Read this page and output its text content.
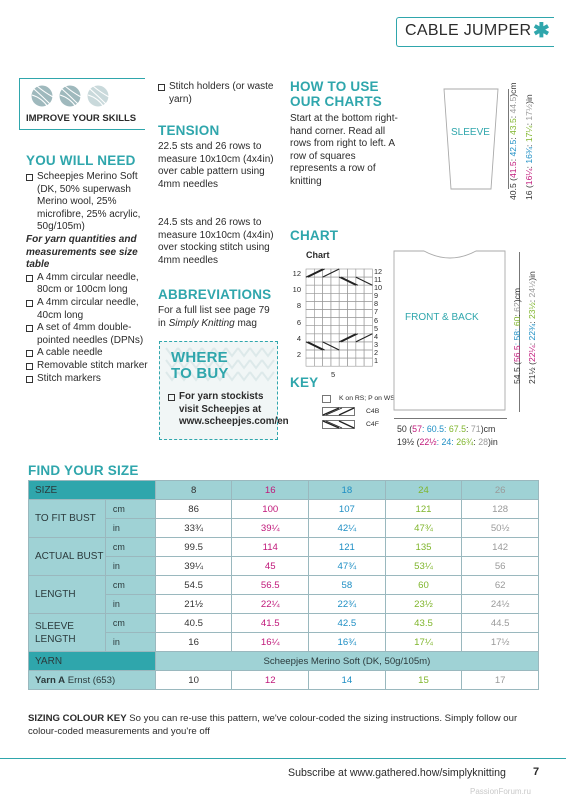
CABLE JUMPER ✱
IMPROVE YOUR SKILLS
YOU WILL NEED
Scheepjes Merino Soft (DK, 50% superwash Merino wool, 25% microfibre, 25% acrylic, 50g/105m)
For yarn quantities and measurements see size table
A 4mm circular needle, 80cm or 100cm long
A 4mm circular needle, 40cm long
A set of 4mm double-pointed needles (DPNs)
A cable needle
Removable stitch marker
Stitch markers
Stitch holders (or waste yarn)
TENSION
22.5 sts and 26 rows to measure 10x10cm (4x4in) over cable pattern using 4mm needles
24.5 sts and 26 rows to measure 10x10cm (4x4in) over stocking stitch using 4mm needles
ABBREVIATIONS
For a full list see page 79 in Simply Knitting mag
WHERE TO BUY
For yarn stockists visit Scheepjes at www.scheepjes.com/en
HOW TO USE OUR CHARTS
Start at the bottom right-hand corner. Read all rows from right to left. A row of squares represents a row of knitting
CHART
Chart
12
10
8
6
4
2
12
11
10
9
8
7
6
5
4
3
2
1
5
KEY
K on RS; P on WS
C4B
C4F
SLEEVE
40.5 (41.5: 42.5: 43.5: 44.5)cm
16 (16¼: 16¾: 17¼: 17½)in
FRONT & BACK
54.5 (56.5: 58: 60: 62)cm
21½ (22¼: 22¾: 23½: 24½)in
50 (57: 60.5: 67.5: 71)cm
19½ (22½: 24: 26¾: 28)in
FIND YOUR SIZE
SIZE		8	16	18	24	26
TO FIT BUST	cm	86	100	107	121	128
	in	33¾	39¼	42¼	47¾	50½
ACTUAL BUST	cm	99.5	114	121	135	142
	in	39¼	45	47¾	53¼	56
LENGTH	cm	54.5	56.5	58	60	62
	in	21½	22¼	22¾	23½	24½
SLEEVE LENGTH	cm	40.5	41.5	42.5	43.5	44.5
	in	16	16¼	16¾	17¼	17½
YARN		Scheepjes Merino Soft (DK, 50g/105m)				
Yarn A Ernst (653)		10	12	14	15	17
SIZING COLOUR KEY So you can re-use this pattern, we've colour-coded the sizing instructions. Simply follow our colour-coded measurements and you're off
Subscribe at www.gathered.how/simplyknitting 7
PassionForum.ru
